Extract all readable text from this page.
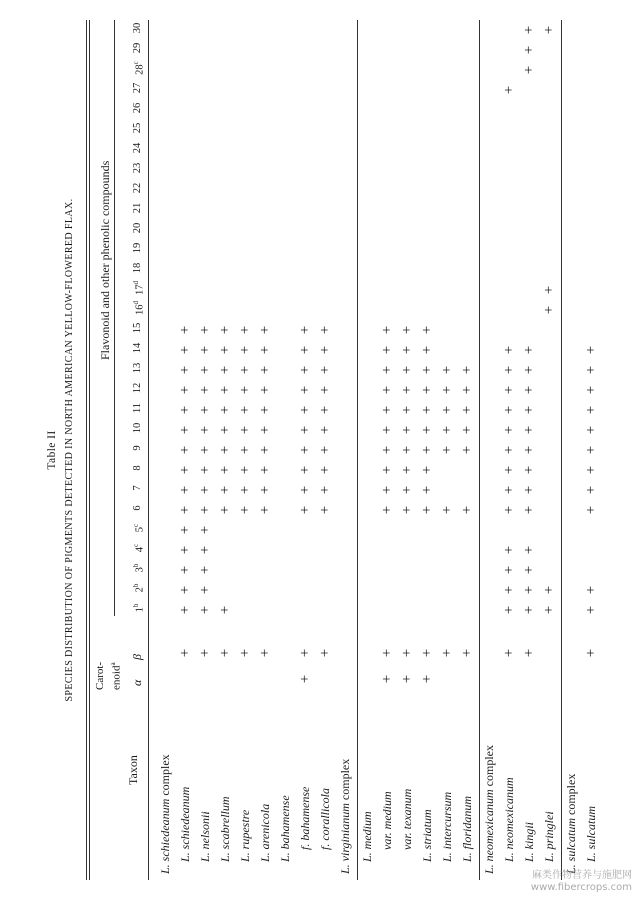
Table II SPECIES DISTRIBUTION OF PIGMENTS DETECTED IN NORTH AMERICAN YELLOW-FLOWERED FLAX.
Taxon
Carot-enoid$^a$
α
β
Flavonoid and other phenolic compounds
1$^b$
2$^b$
3$^b$
4$^c$
5$^c$
6
7
8
9
10
11
12
13
14
15
16$^d$
17$^d$
18
19
20
21
22
23
24
25
26
27
28$^c$
29
30
L. schiedeanum complex
L. schiedeanum L. nelsonii L. scabrellum L. rupestre L. arenicola L. bahamense f. bahamense f. corallicola L. virginianum complex
L. medium var. medium var. texanum L. striatum L. intercursum L. floridanum L. neomexicanum complex
L. neomexicanum L. kingii L. pringlei L. sulcatum complex
L. sulcatum
+
+
+
+
+
+
+
+
+
+
+
+
+
+
+
+
+
+
+
+
+
+
+
+
+
+
+
+
+
+
+
+
+
+
+
+
+
+
+
+
+
+
+
+
+
+
+
+
+
+
+
+
+
+
+
+
+
+
+
+
+
+
+
+
+
+
+
+
+
+
+
+
+
+
+
+
+
+
+
+
+
+
+
+
+
+
+
+
+
+
+
+
+
+
+
+
+
+
+
+
+
+
+
+
+
+
+
+
+
+
+
+
+
+
+
+
+
+
+
+
+
+
+
+
+
+
+
+
+
+
+
+
+
+
+
+
+
+
+
+
+
+
+
+
+
+
+
+
+
+
+
+
+
+
+
+
+
+
+
+
+
+
+
+
+
+
+
+
+
+
+
+
+
+
+
+
+
+
+
+
+
+
+
+
+
+
+
+
麻类作物营养与施肥网
www.fibercrops.com
